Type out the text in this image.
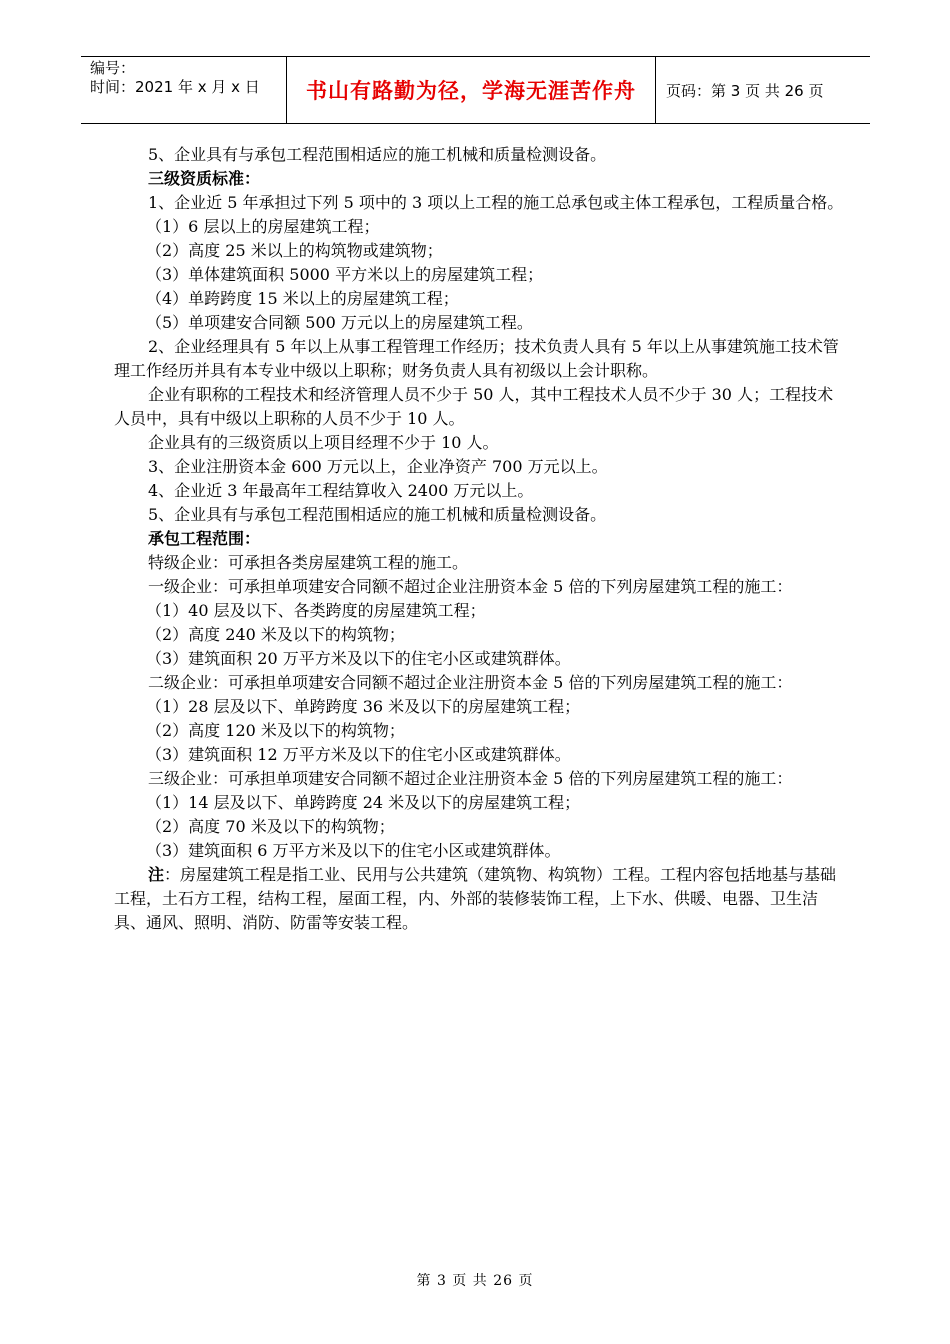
编号：
时间：2021 年 x 月 x 日	书山有路勤为径，学海无涯苦作舟	页码：第 3 页 共 26 页

5、企业具有与承包工程范围相适应的施工机械和质量检测设备。

三级资质标准：

1、企业近 5 年承担过下列 5 项中的 3 项以上工程的施工总承包或主体工程承包，工程质量合格。

（1）6 层以上的房屋建筑工程；

（2）高度 25 米以上的构筑物或建筑物；

（3）单体建筑面积 5000 平方米以上的房屋建筑工程；

（4）单跨跨度 15 米以上的房屋建筑工程；

（5）单项建安合同额 500 万元以上的房屋建筑工程。

2、企业经理具有 5 年以上从事工程管理工作经历；技术负责人具有 5 年以上从事建筑施工技术管理工作经历并具有本专业中级以上职称；财务负责人具有初级以上会计职称。

企业有职称的工程技术和经济管理人员不少于 50 人，其中工程技术人员不少于 30 人；工程技术人员中，具有中级以上职称的人员不少于 10 人。

企业具有的三级资质以上项目经理不少于 10 人。

3、企业注册资本金 600 万元以上，企业净资产 700 万元以上。

4、企业近 3 年最高年工程结算收入 2400 万元以上。

5、企业具有与承包工程范围相适应的施工机械和质量检测设备。

承包工程范围：

特级企业：可承担各类房屋建筑工程的施工。

一级企业：可承担单项建安合同额不超过企业注册资本金 5 倍的下列房屋建筑工程的施工：

（1）40 层及以下、各类跨度的房屋建筑工程；

（2）高度 240 米及以下的构筑物；

（3）建筑面积 20 万平方米及以下的住宅小区或建筑群体。

二级企业：可承担单项建安合同额不超过企业注册资本金 5 倍的下列房屋建筑工程的施工：

（1）28 层及以下、单跨跨度 36 米及以下的房屋建筑工程；

（2）高度 120 米及以下的构筑物；

（3）建筑面积 12 万平方米及以下的住宅小区或建筑群体。

三级企业：可承担单项建安合同额不超过企业注册资本金 5 倍的下列房屋建筑工程的施工：

（1）14 层及以下、单跨跨度 24 米及以下的房屋建筑工程；

（2）高度 70 米及以下的构筑物；

（3）建筑面积 6 万平方米及以下的住宅小区或建筑群体。

注：房屋建筑工程是指工业、民用与公共建筑（建筑物、构筑物）工程。工程内容包括地基与基础工程，土石方工程，结构工程，屋面工程，内、外部的装修装饰工程，上下水、供暖、电器、卫生洁具、通风、照明、消防、防雷等安装工程。

第 3 页 共 26 页
